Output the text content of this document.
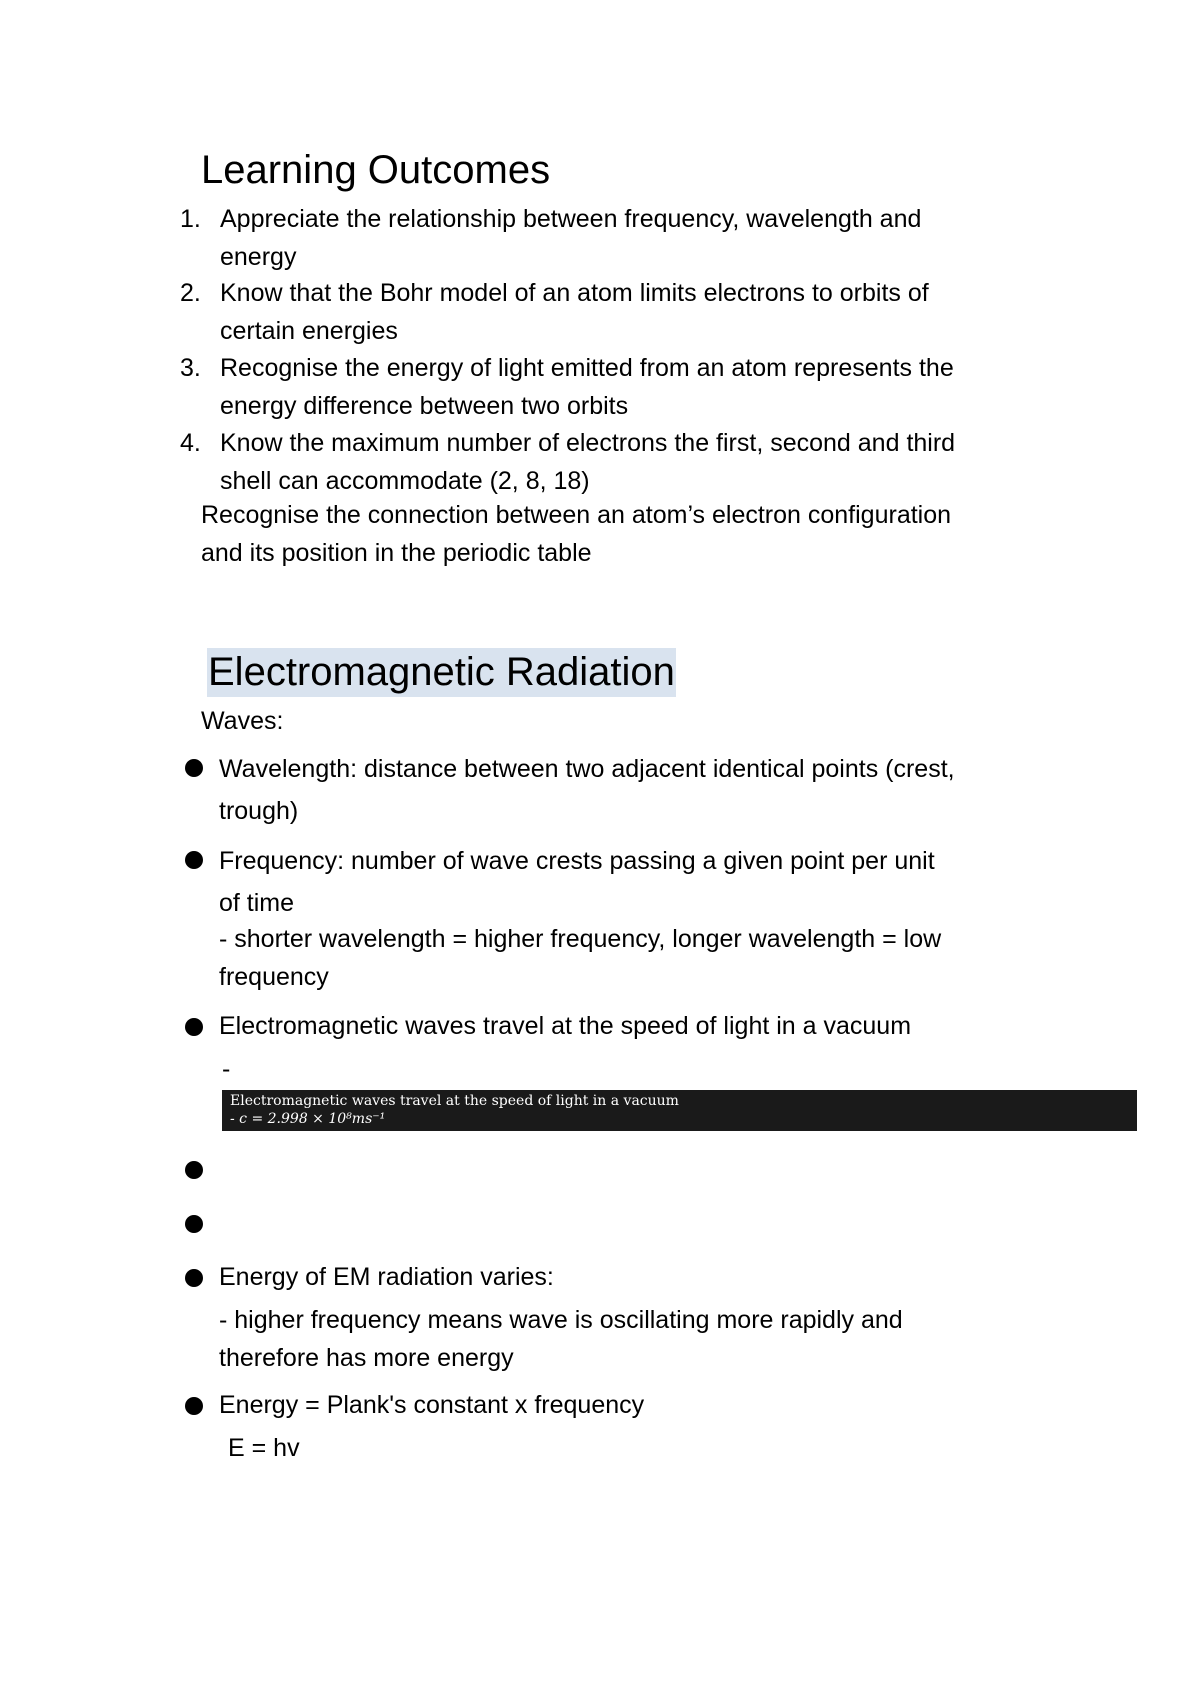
Learning Outcomes
1. Appreciate the relationship between frequency, wavelength and
energy
2. Know that the Bohr model of an atom limits electrons to orbits of
certain energies
3. Recognise the energy of light emitted from an atom represents the
energy difference between two orbits
4. Know the maximum number of electrons the first, second and third
shell can accommodate (2, 8, 18)

Recognise the connection between an atom’s electron configuration
and its position in the periodic table

Electromagnetic Radiation

Waves:

Wavelength: distance between two adjacent identical points (crest,
trough)
Frequency: number of wave crests passing a given point per unit
of time
- shorter wavelength = higher frequency, longer wavelength = low
frequency
Electromagnetic waves travel at the speed of light in a vacuum
-
Electromagnetic waves travel at the speed of light in a vacuum
- c = 2.998 × 10⁸ms⁻¹
Energy of EM radiation varies:
- higher frequency means wave is oscillating more rapidly and
therefore has more energy
Energy = Plank's constant x frequency
E = hv
